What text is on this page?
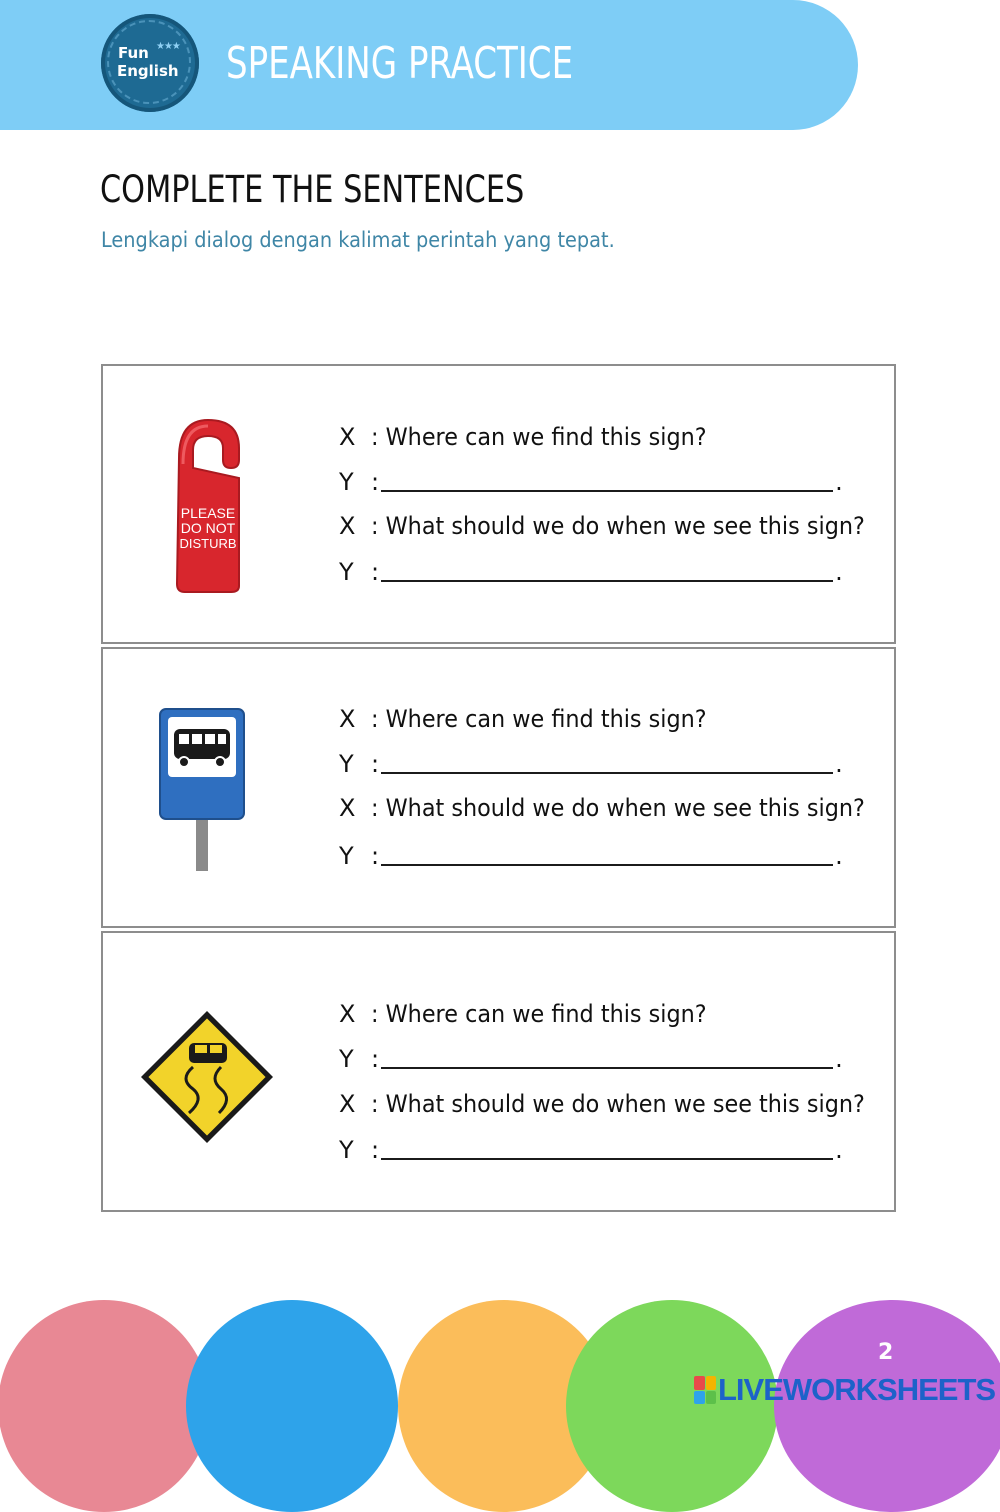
Fun ★★★
English SPEAKING PRACTICE
COMPLETE THE SENTENCES
Lengkapi dialog dengan kalimat perintah yang tepat.
PLEASE
DO NOT
DISTURB
X : Where can we find this sign?
Y :	.
X : What should we do when we see this sign?
Y :	.
X : Where can we find this sign?
Y :	.
X : What should we do when we see this sign?
Y :	.
X : Where can we find this sign?
Y :	.
X : What should we do when we see this sign?
Y :	.
2
LIVEWORKSHEETS
